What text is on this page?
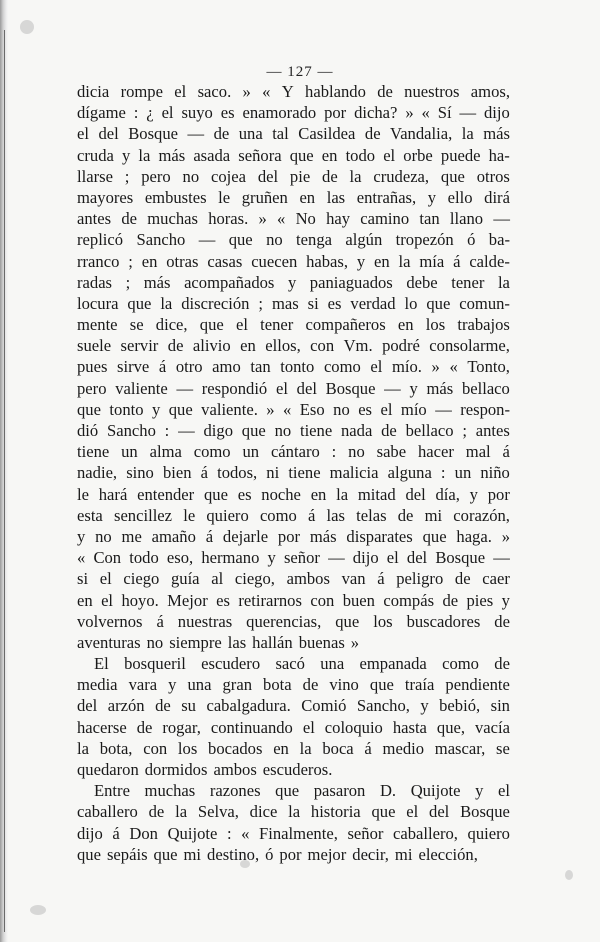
— 127 —
dicia rompe el saco. » « Y hablando de nuestros amos,
dígame : ¿ el suyo es enamorado por dicha? » « Sí — dijo
el del Bosque — de una tal Casildea de Vandalia, la más
cruda y la más asada señora que en todo el orbe puede ha-
llarse ; pero no cojea del pie de la crudeza, que otros
mayores embustes le gruñen en las entrañas, y ello dirá
antes de muchas horas. » « No hay camino tan llano —
replicó Sancho — que no tenga algún tropezón ó ba-
rranco ; en otras casas cuecen habas, y en la mía á calde-
radas ; más acompañados y paniaguados debe tener la
locura que la discreción ; mas si es verdad lo que comun-
mente se dice, que el tener compañeros en los trabajos
suele servir de alivio en ellos, con Vm. podré consolarme,
pues sirve á otro amo tan tonto como el mío. » « Tonto,
pero valiente — respondió el del Bosque — y más bellaco
que tonto y que valiente. » « Eso no es el mío — respon-
dió Sancho : — digo que no tiene nada de bellaco ; antes
tiene un alma como un cántaro : no sabe hacer mal á
nadie, sino bien á todos, ni tiene malicia alguna : un niño
le hará entender que es noche en la mitad del día, y por
esta sencillez le quiero como á las telas de mi corazón,
y no me amaño á dejarle por más disparates que haga. »
« Con todo eso, hermano y señor — dijo el del Bosque —
si el ciego guía al ciego, ambos van á peligro de caer
en el hoyo. Mejor es retirarnos con buen compás de pies y
volvernos á nuestras querencias, que los buscadores de
aventuras no siempre las hallán buenas »
El bosqueril escudero sacó una empanada como de
media vara y una gran bota de vino que traía pendiente
del arzón de su cabalgadura. Comió Sancho, y bebió, sin
hacerse de rogar, continuando el coloquio hasta que, vacía
la bota, con los bocados en la boca á medio mascar, se
quedaron dormidos ambos escuderos.
Entre muchas razones que pasaron D. Quijote y el
caballero de la Selva, dice la historia que el del Bosque
dijo á Don Quijote : « Finalmente, señor caballero, quiero
que sepáis que mi destino, ó por mejor decir, mi elección,
